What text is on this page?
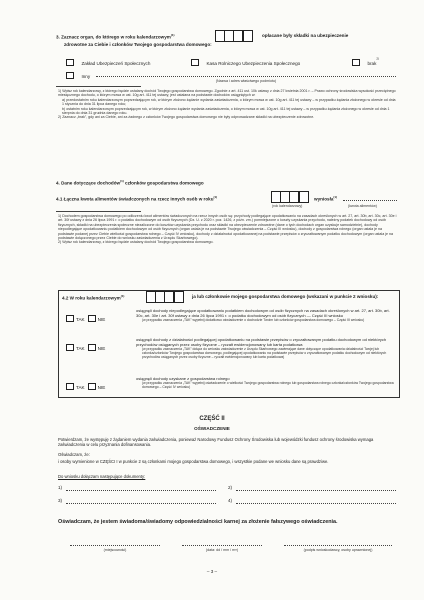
3. Zaznacz organ, do którego w roku kalendarzowym$^{(1)}$	opłacane były składki na ubezpieczenie
zdrowotne za Ciebie i członków Twojego gospodarstwa domowego:
Zakład Ubezpieczeń Społecznych	Kasa Rolniczego Ubezpieczenia Społecznego	brak$^{2)}$
Inny
(Nazwa i adres właściwego podmiotu)
1) Wpisz rok kalendarzowy, z którego będzie ustalany dochód Twojego gospodarstwa domowego. Zgodnie z art. 411 ust. 10k ustawy z dnia 27 kwietnia 2001 r. – Prawo ochrony środowiska wysokość przeciętnego miesięcznego dochodu, o którym mowa w ust. 10g art. 411 tej ustawy, jest ustalana na podstawie dochodów osiągniętych w:
a) przedostatnim roku kalendarzowym poprzedzającym rok, w którym złożono żądanie wydania zaświadczenia, o którym mowa w ust. 10g art. 411 tej ustawy – w przypadku żądania złożonego w okresie od dnia 1 stycznia do dnia 31 lipca danego roku;
b) ostatnim roku kalendarzowym poprzedzającym rok, w którym złożono żądanie wydania zaświadczenia, o którym mowa w ust. 10g art. 411 tej ustawy – w przypadku żądania złożonego w okresie od dnia 1 sierpnia do dnia 31 grudnia danego roku.
2) Zaznacz „brak”, gdy ani za Ciebie, ani za żadnego z członków Twojego gospodarstwa domowego nie były odprowadzane składki na ubezpieczenie zdrowotne.
4. Dane dotyczące dochodów$^{(1)}$ członków gospodarstwa domowego
4.1 Łączna kwota alimentów świadczonych na rzecz innych osób w roku$^{(1)}$	wyniosła$^{(1)}$
(rok kalendarzowy)	(kwota alimentów)
1) Dochodem gospodarstwa domowego po odliczeniu kwot alimentów świadczonych na rzecz innych osób są: przychody podlegające opodatkowaniu na zasadach określonych w art. 27, art. 30b, art. 30c, art. 30e i art. 30f ustawy z dnia 26 lipca 1991 r. o podatku dochodowym od osób fizycznych (Dz. U. z 2020 r. poz. 1426, z późn. zm.) pomniejszone o koszty uzyskania przychodu, należny podatek dochodowy od osób fizycznych, składki na ubezpieczenia społeczne niezaliczone do kosztów uzyskania przychodu oraz składki na ubezpieczenie zdrowotne (dane o tych dochodach organ uzyskuje samodzielnie), dochody niepodlegające opodatkowaniu podatkiem dochodowym od osób fizycznych (organ ustala je na podstawie Twojego oświadczenia – Część III wniosku), dochody z gospodarstwa rolnego (organ ustala je na podstawie podanej przez Ciebie wielkości gospodarstwa rolnego – Część IV wniosku), dochody z działalności opodatkowanej na podstawie przepisów o zryczałtowanym podatku dochodowym (organ ustala je na podstawie dołączonego przez Ciebie do wniosku zaświadczenia z Urzędu Skarbowego).
2) Wpisz rok kalendarzowy, z którego będzie ustalany dochód Twojego gospodarstwa domowego.
4.2 W roku kalendarzowym$^{(1)}$	ja lub członkowie mojego gospodarstwa domowego (wskazani w punkcie 2 wniosku):
TAK	NIE
osiągnęli dochody niepodlegające opodatkowaniu podatkiem dochodowym od osób fizycznych na zasadach określonych w art. 27, art. 30b, art. 30c, art. 30e i art. 30f ustawy z dnia 26 lipca 1991 r. o podatku dochodowym od osób fizycznych — Część III wniosku
(w przypadku zaznaczenia „TAK” wypełnij dodatkowo oświadczenie o dochodzie Twoim lub członków gospodarstwa domowego – Część III wniosku)
TAK	NIE
osiągnęli dochody z działalności podlegającej opodatkowaniu na podstawie przepisów o zryczałtowanym podatku dochodowym od niektórych przychodów osiąganych przez osoby fizyczne – ryczałt ewidencjonowany lub karta podatkowa
(w przypadku zaznaczenia „TAK” dołącz do wniosku zaświadczenie z Urzędu Skarbowego zawierające dane dotyczące opodatkowania działalności Twojej lub członka/członków Twojego gospodarstwa domowego, podlegającej opodatkowaniu na podstawie przepisów o zryczałtowanym podatku dochodowym od niektórych przychodów osiąganych przez osoby fizyczne – ryczałt ewidencjonowany lub karta podatkowa)
TAK	NIE
osiągnęli dochody uzyskane z gospodarstwa rolnego
(w przypadku zaznaczenia „TAK” wypełnij oświadczenie o wielkości Twojego gospodarstwa rolnego lub gospodarstwa rolnego członka/członków Twojego gospodarstwa domowego – Część IV wniosku)
CZĘŚĆ II
OŚWIADCZENIE
Potwierdzam, że występuję z żądaniem wydania zaświadczenia, ponieważ Narodowy Fundusz Ochrony Środowiska lub wojewódzki fundusz ochrony środowiska wymaga zaświadczenia w celu przyznania dofinansowania.
Oświadczam, że:
i osoby wymienione w CZĘŚCI I w punkcie 2 są członkami mojego gospodarstwa domowego, i wszystkie podane we wniosku dane są prawdziwe.
Do wniosku dołączam następujące dokumenty:
1)	2)
3)	4)
Oświadczam, że jestem świadoma/świadomy odpowiedzialności karnej za złożenie fałszywego oświadczenia.
(miejscowość)	(data: dd / mm / rrrr)	(podpis wnioskodawcy, osoby uprawnionej)
– 3 –
